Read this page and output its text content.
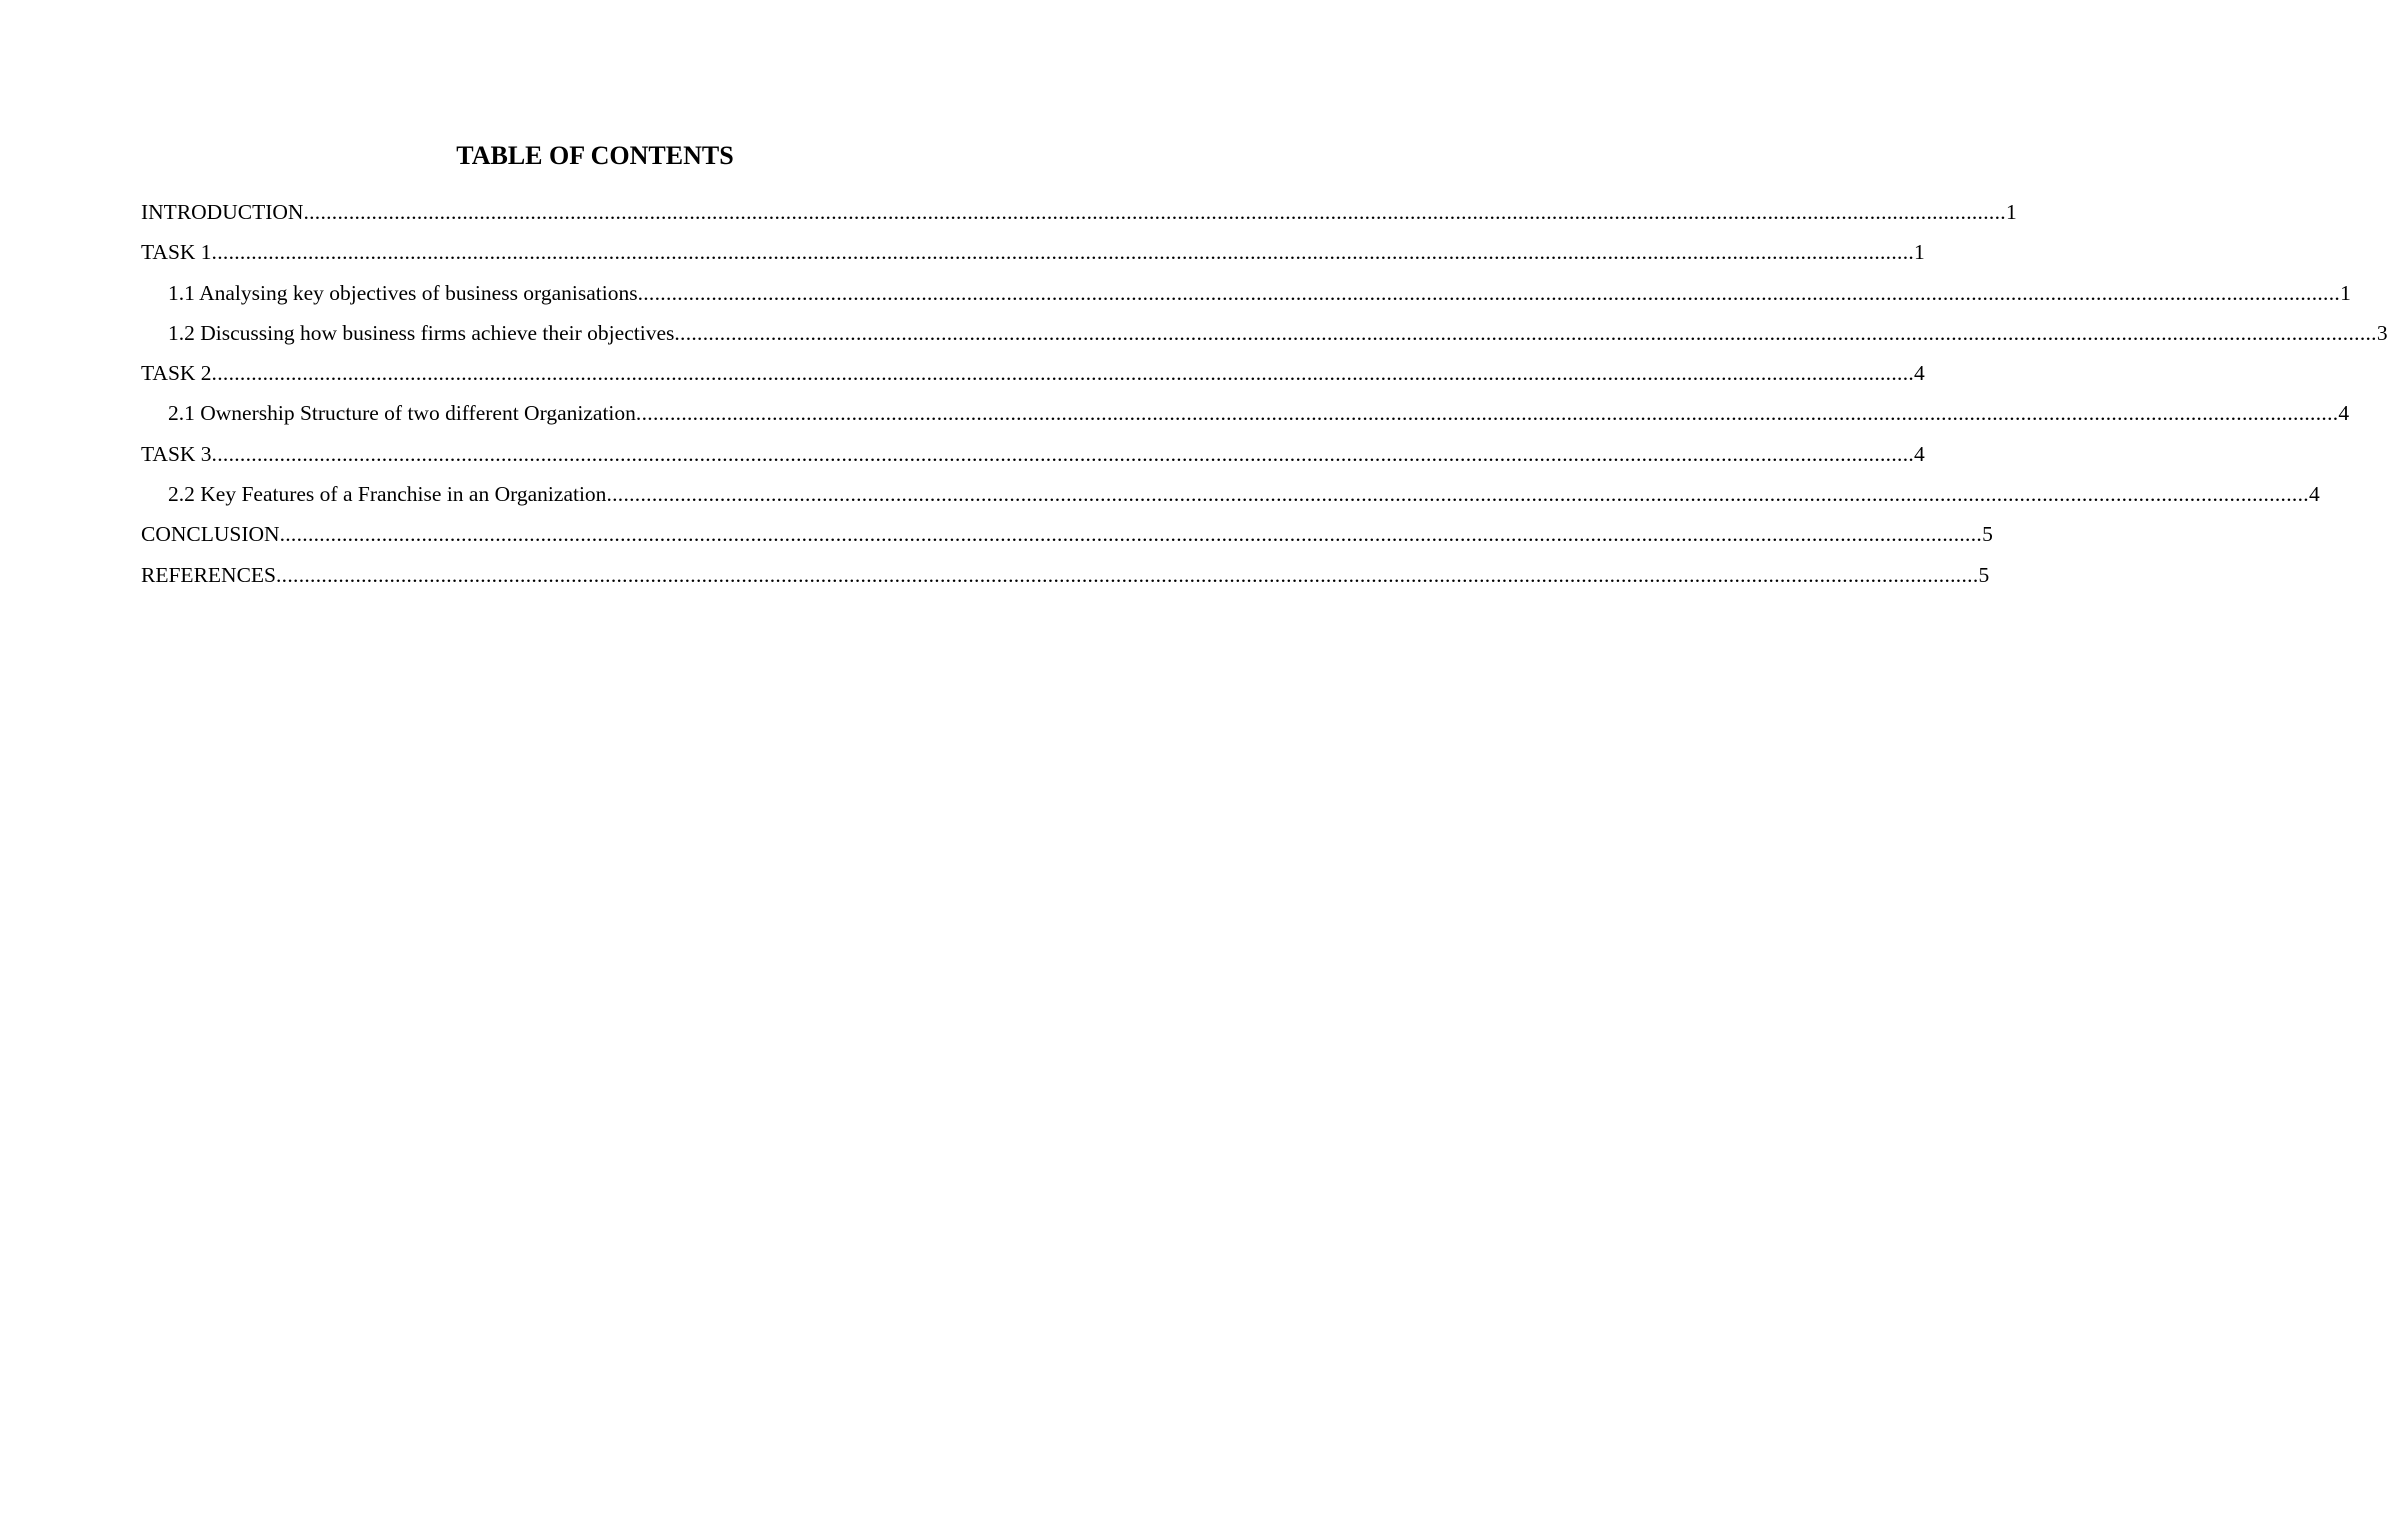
TABLE OF CONTENTS
INTRODUCTION ............................................................................................................................................................................................................................................................................................................ 1
TASK 1 ............................................................................................................................................................................................................................................................................................................ 1
1.1 Analysing key objectives of business organisations ............................................................................................................................................................................................................................................................................................................ 1
1.2 Discussing how business firms achieve their objectives ............................................................................................................................................................................................................................................................................................................ 3
TASK 2 ............................................................................................................................................................................................................................................................................................................ 4
2.1 Ownership Structure of two different Organization ............................................................................................................................................................................................................................................................................................................ 4
TASK 3 ............................................................................................................................................................................................................................................................................................................ 4
2.2 Key Features of a Franchise in an Organization ............................................................................................................................................................................................................................................................................................................ 4
CONCLUSION ............................................................................................................................................................................................................................................................................................................ 5
REFERENCES ............................................................................................................................................................................................................................................................................................................ 5
